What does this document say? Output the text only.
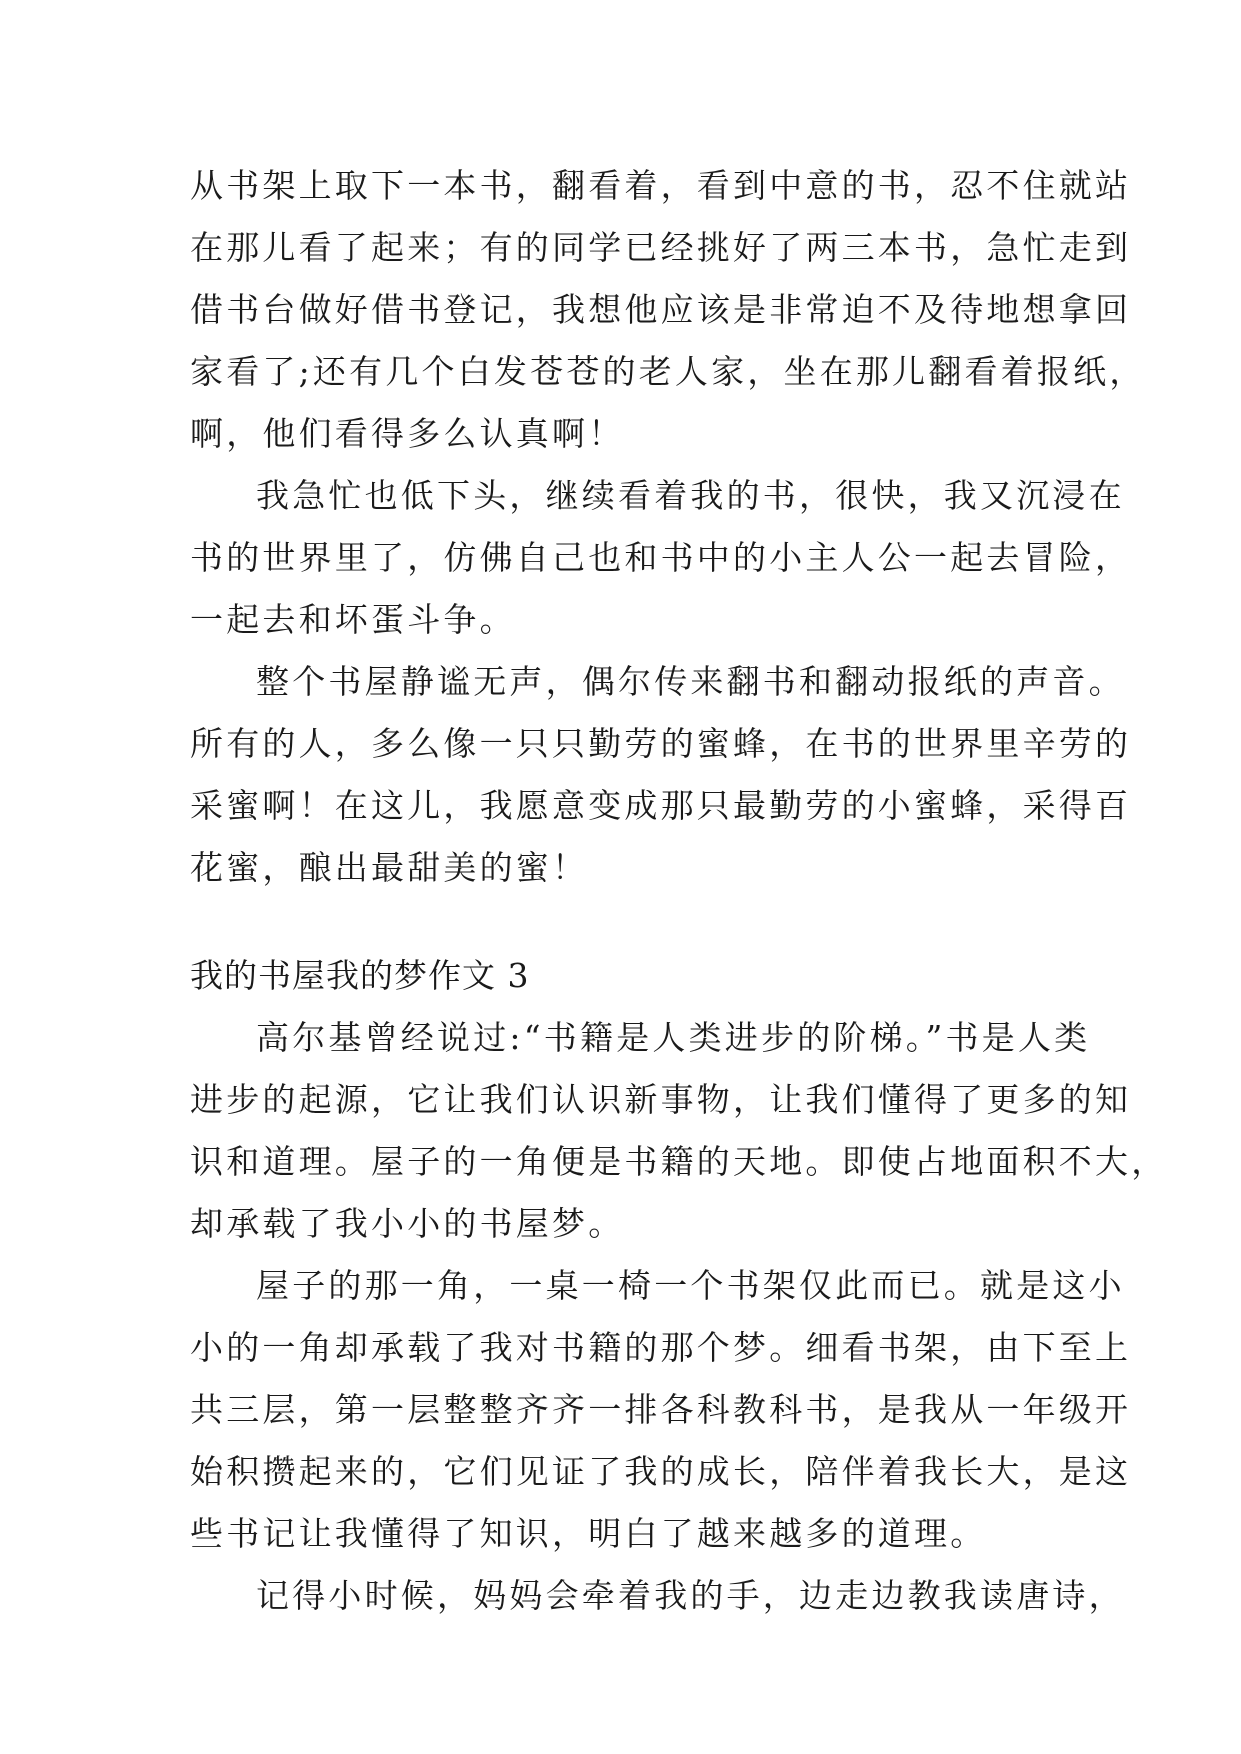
从书架上取下一本书，翻看着，看到中意的书，忍不住就站
在那儿看了起来；有的同学已经挑好了两三本书，急忙走到
借书台做好借书登记，我想他应该是非常迫不及待地想拿回
家看了;还有几个白发苍苍的老人家，坐在那儿翻看着报纸，
啊，他们看得多么认真啊！
我急忙也低下头，继续看着我的书，很快，我又沉浸在
书的世界里了，仿佛自己也和书中的小主人公一起去冒险，
一起去和坏蛋斗争。
整个书屋静谧无声，偶尔传来翻书和翻动报纸的声音。
所有的人，多么像一只只勤劳的蜜蜂，在书的世界里辛劳的
采蜜啊！在这儿，我愿意变成那只最勤劳的小蜜蜂，采得百
花蜜，酿出最甜美的蜜！
我的书屋我的梦作文 3
高尔基曾经说过:“书籍是人类进步的阶梯。”书是人类
进步的起源，它让我们认识新事物，让我们懂得了更多的知
识和道理。屋子的一角便是书籍的天地。即使占地面积不大，
却承载了我小小的书屋梦。
屋子的那一角，一桌一椅一个书架仅此而已。就是这小
小的一角却承载了我对书籍的那个梦。细看书架，由下至上
共三层，第一层整整齐齐一排各科教科书，是我从一年级开
始积攒起来的，它们见证了我的成长，陪伴着我长大，是这
些书记让我懂得了知识，明白了越来越多的道理。
记得小时候，妈妈会牵着我的手，边走边教我读唐诗，
